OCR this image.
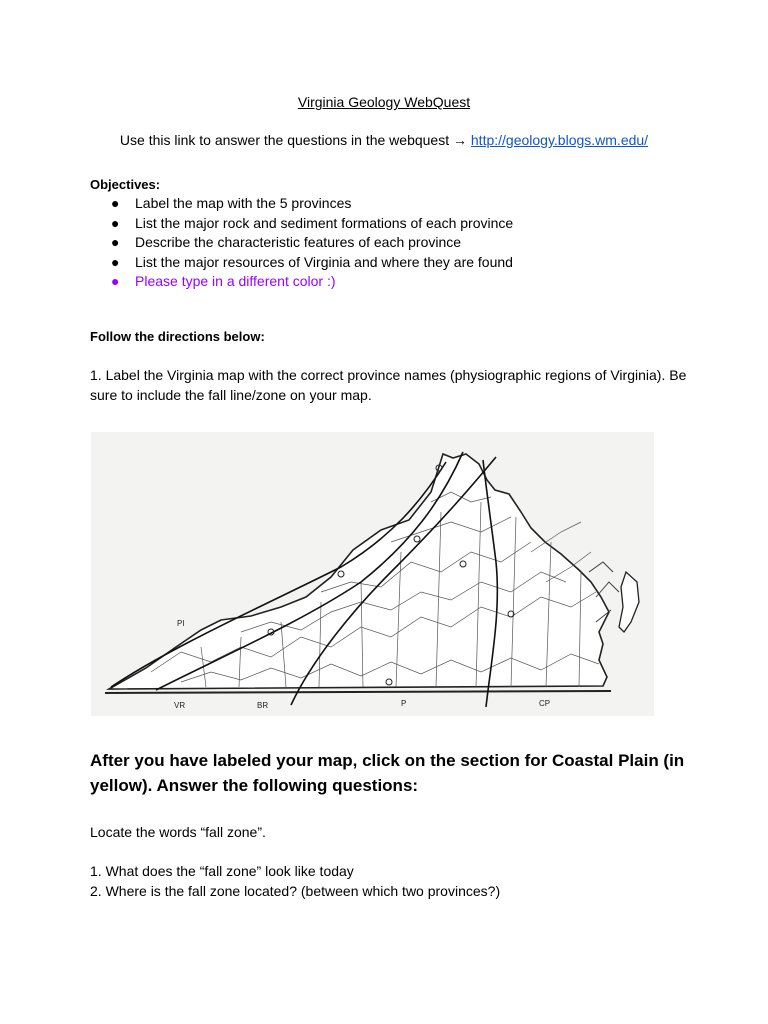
Virginia Geology WebQuest
Use this link to answer the questions in the webquest → http://geology.blogs.wm.edu/
Objectives:
● Label the map with the 5 provinces
● List the major rock and sediment formations of each province
● Describe the characteristic features of each province
● List the major resources of Virginia and where they are found
● Please type in a different color :)
Follow the directions below:
1. Label the Virginia map with the correct province names (physiographic regions of Virginia). Be sure to include the fall line/zone on your map.
PI
VR	BR	P	CP
After you have labeled your map, click on the section for Coastal Plain (in yellow). Answer the following questions:
Locate the words “fall zone”.
1. What does the “fall zone” look like today
2. Where is the fall zone located? (between which two provinces?)
